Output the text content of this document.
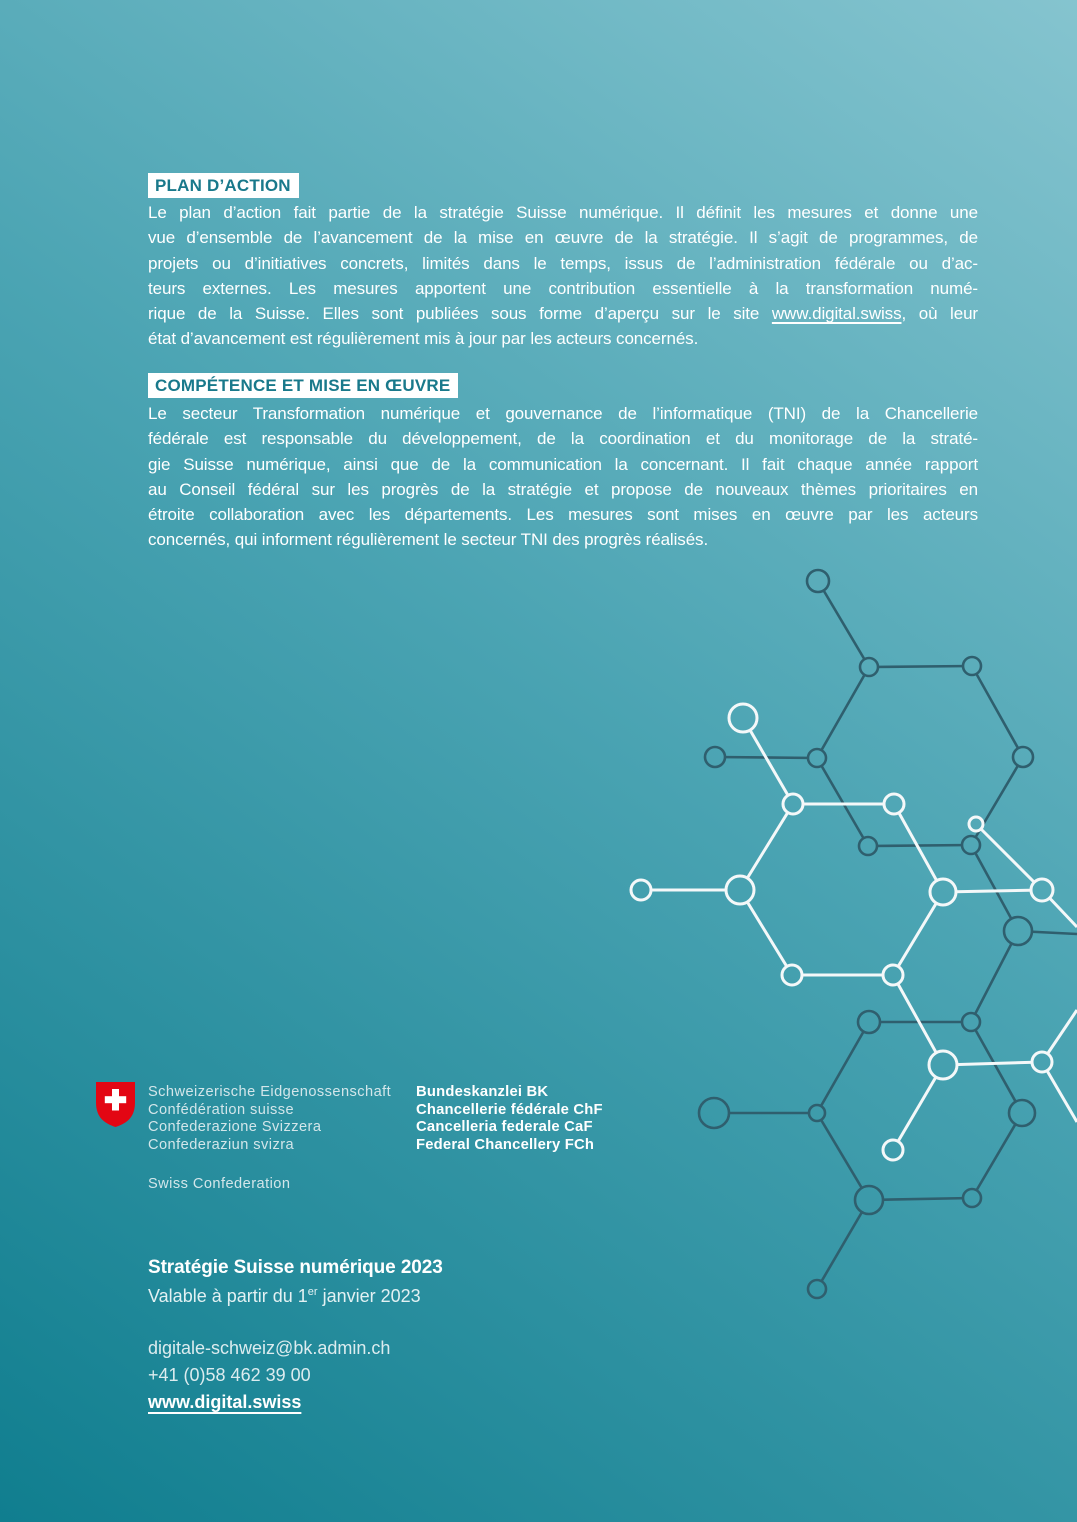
PLAN D’ACTION
Le plan d’action fait partie de la stratégie Suisse numérique. Il définit les mesures et donne une
vue d’ensemble de l’avancement de la mise en œuvre de la stratégie. Il s’agit de programmes, de
projets ou d’initiatives concrets, limités dans le temps, issus de l’administration fédérale ou d’ac-
teurs externes. Les mesures apportent une contribution essentielle à la transformation numé-
rique de la Suisse. Elles sont publiées sous forme d’aperçu sur le site www.digital.swiss, où leur
état d’avancement est régulièrement mis à jour par les acteurs concernés.
COMPÉTENCE ET MISE EN ŒUVRE
Le secteur Transformation numérique et gouvernance de l’informatique (TNI) de la Chancellerie
fédérale est responsable du développement, de la coordination et du monitorage de la straté-
gie Suisse numérique, ainsi que de la communication la concernant. Il fait chaque année rapport
au Conseil fédéral sur les progrès de la stratégie et propose de nouveaux thèmes prioritaires en
étroite collaboration avec les départements. Les mesures sont mises en œuvre par les acteurs
concernés, qui informent régulièrement le secteur TNI des progrès réalisés.
Schweizerische Eidgenossenschaft
Confédération suisse
Confederazione Svizzera
Confederaziun svizra
Swiss Confederation
Bundeskanzlei BK
Chancellerie fédérale ChF
Cancelleria federale CaF
Federal Chancellery FCh
Stratégie Suisse numérique 2023
Valable à partir du 1er janvier 2023
digitale-schweiz@bk.admin.ch
+41 (0)58 462 39 00
www.digital.swiss
